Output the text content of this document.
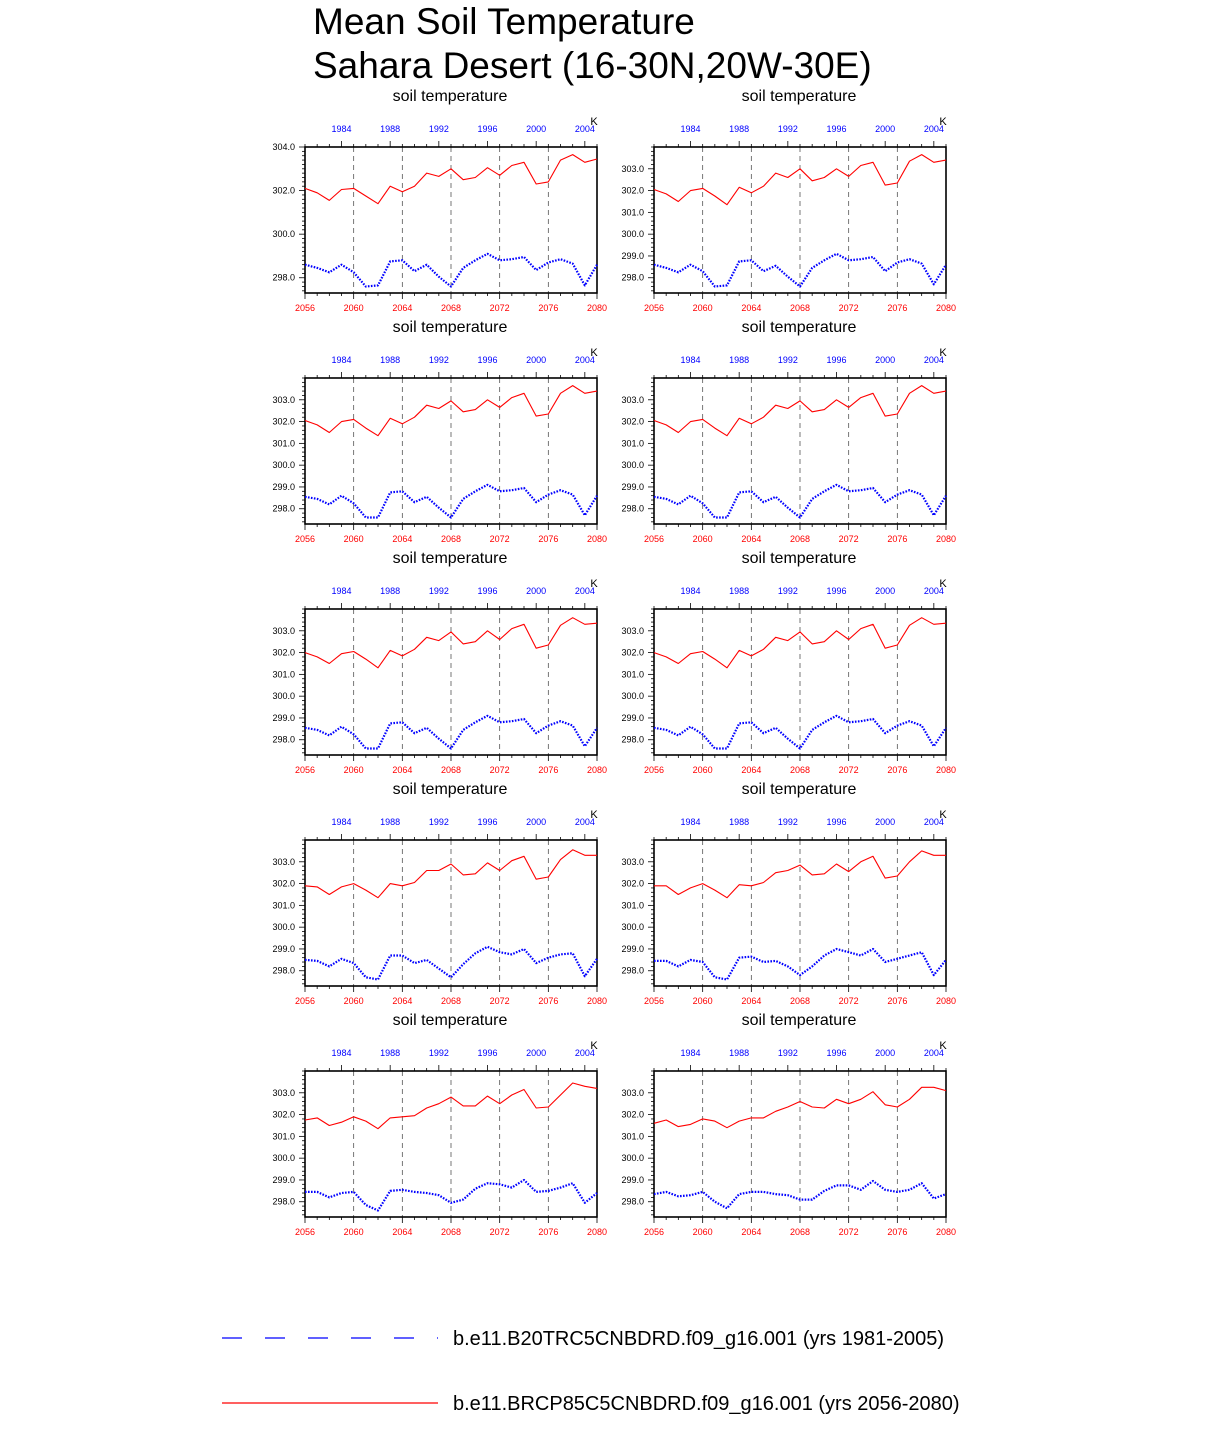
Mean Soil Temperature
Sahara Desert (16-30N,20W-30E)
soil temperature
K
2056	2060	2064	2068	2072	2076	2080
1984	1988	1992	1996	2000	2004
298.0
300.0
302.0
304.0
soil temperature
K
2056	2060	2064	2068	2072	2076	2080
1984	1988	1992	1996	2000	2004
298.0
299.0
300.0
301.0
302.0
303.0
soil temperature
K
2056	2060	2064	2068	2072	2076	2080
1984	1988	1992	1996	2000	2004
298.0
299.0
300.0
301.0
302.0
303.0
soil temperature
K
2056	2060	2064	2068	2072	2076	2080
1984	1988	1992	1996	2000	2004
298.0
299.0
300.0
301.0
302.0
303.0
soil temperature
K
2056	2060	2064	2068	2072	2076	2080
1984	1988	1992	1996	2000	2004
298.0
299.0
300.0
301.0
302.0
303.0
soil temperature
K
2056	2060	2064	2068	2072	2076	2080
1984	1988	1992	1996	2000	2004
298.0
299.0
300.0
301.0
302.0
303.0
soil temperature
K
2056	2060	2064	2068	2072	2076	2080
1984	1988	1992	1996	2000	2004
298.0
299.0
300.0
301.0
302.0
303.0
soil temperature
K
2056	2060	2064	2068	2072	2076	2080
1984	1988	1992	1996	2000	2004
298.0
299.0
300.0
301.0
302.0
303.0
soil temperature
K
2056	2060	2064	2068	2072	2076	2080
1984	1988	1992	1996	2000	2004
298.0
299.0
300.0
301.0
302.0
303.0
soil temperature
K
2056	2060	2064	2068	2072	2076	2080
1984	1988	1992	1996	2000	2004
298.0
299.0
300.0
301.0
302.0
303.0
b.e11.B20TRC5CNBDRD.f09_g16.001 (yrs 1981-2005)
b.e11.BRCP85C5CNBDRD.f09_g16.001 (yrs 2056-2080)
